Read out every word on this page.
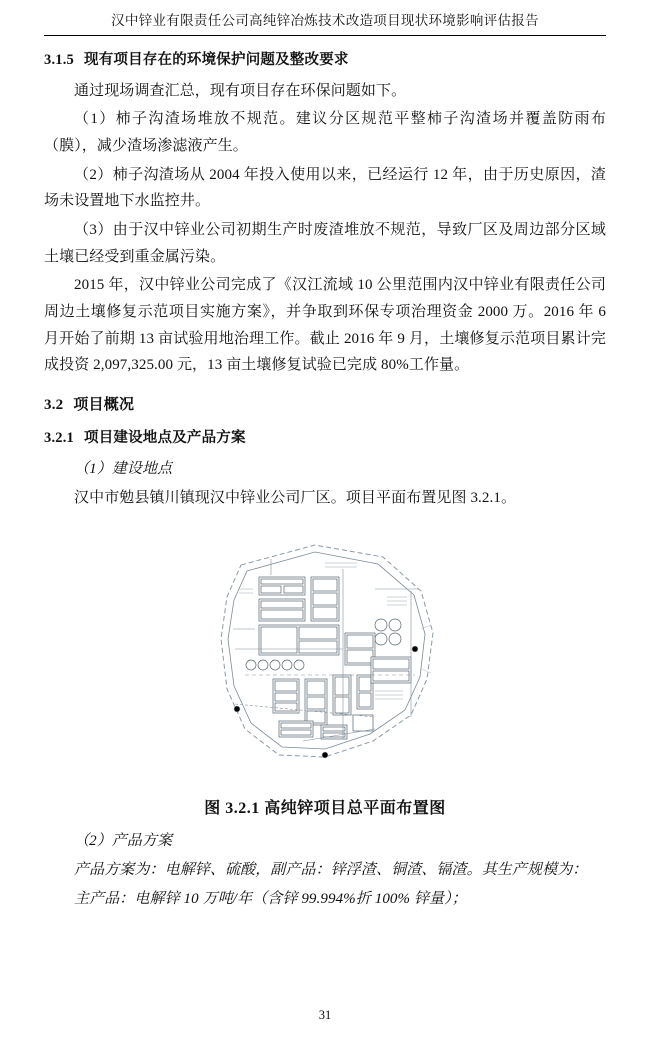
汉中锌业有限责任公司高纯锌冶炼技术改造项目现状环境影响评估报告
3.1.5 现有项目存在的环境保护问题及整改要求

通过现场调查汇总，现有项目存在环保问题如下。

（1）柿子沟渣场堆放不规范。建议分区规范平整柿子沟渣场并覆盖防雨布（膜），减少渣场渗滤液产生。

（2）柿子沟渣场从 2004 年投入使用以来，已经运行 12 年，由于历史原因，渣场未设置地下水监控井。

（3）由于汉中锌业公司初期生产时废渣堆放不规范，导致厂区及周边部分区域土壤已经受到重金属污染。

2015 年，汉中锌业公司完成了《汉江流域 10 公里范围内汉中锌业有限责任公司周边土壤修复示范项目实施方案》，并争取到环保专项治理资金 2000 万。2016 年 6 月开始了前期 13 亩试验用地治理工作。截止 2016 年 9 月，土壤修复示范项目累计完成投资 2,097,325.00 元，13 亩土壤修复试验已完成 80%工作量。

3.2 项目概况
3.2.1 项目建设地点及产品方案

（1）建设地点

汉中市勉县镇川镇现汉中锌业公司厂区。项目平面布置见图 3.2.1。

图 3.2.1 高纯锌项目总平面布置图

（2）产品方案

产品方案为：电解锌、硫酸，副产品：锌浮渣、铜渣、镉渣。其生产规模为：

主产品：电解锌 10 万吨/年（含锌 99.994%折 100% 锌量）；

31
